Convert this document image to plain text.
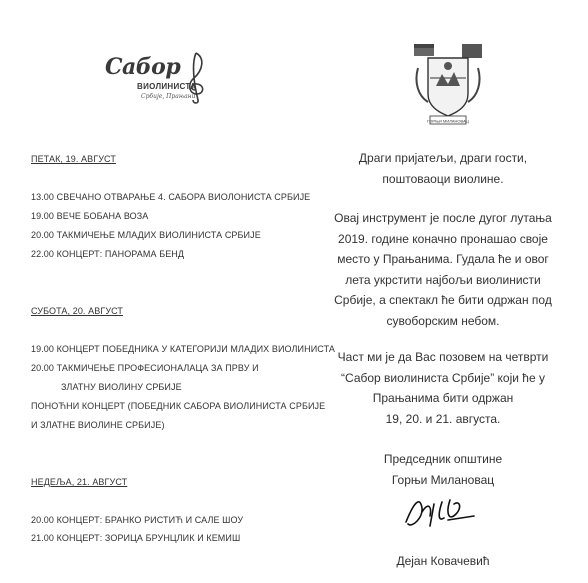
Сабор
ВИОЛИНИСТА
Србије, Прањани
ГОРЊИ МИЛАНОВАЦ
ПЕТАК, 19. АВГУСТ
13.00 СВЕЧАНО ОТВАРАЊЕ 4. САБОРА ВИОЛОНИСТА СРБИЈЕ
19.00 ВЕЧЕ БОБАНА ВОЗА
20.00 ТАКМИЧЕЊЕ МЛАДИХ ВИОЛИНИСТА СРБИЈЕ
22.00 КОНЦЕРТ: ПАНОРАМА БЕНД
СУБОТА, 20. АВГУСТ
19.00 КОНЦЕРТ ПОБЕДНИКА У КАТЕГОРИЈИ МЛАДИХ ВИОЛИНИСТА
20.00 ТАКМИЧЕЊЕ ПРОФЕСИОНАЛАЦА ЗА ПРВУ И
ЗЛАТНУ ВИОЛИНУ СРБИЈЕ
ПОНОЋНИ КОНЦЕРТ (ПОБЕДНИК САБОРА ВИОЛИНИСТА СРБИЈЕ
И ЗЛАТНЕ ВИОЛИНЕ СРБИЈЕ)
НЕДЕЉА, 21. АВГУСТ
20.00 КОНЦЕРТ: БРАНКО РИСТИЋ И САЛЕ ШОУ
21.00 КОНЦЕРТ: ЗОРИЦА БРУНЦЛИК И КЕМИШ
Драги пријатељи, драги гости,
поштоваоци виолине.
Овај инструмент је после дугог лутања
2019. године коначно пронашао своје
место у Прањанима. Гудала ће и овог
лета укрстити најбољи виолинисти
Србије, а спектакл ће бити одржан под
сувоборским небом.
Част ми је да Вас позовем на четврти
“Сабор виолиниста Србије” који ће у
Прањанима бити одржан
19, 20. и 21. августа.
Председник општине
Горњи Милановац
Дејан Ковачевић
